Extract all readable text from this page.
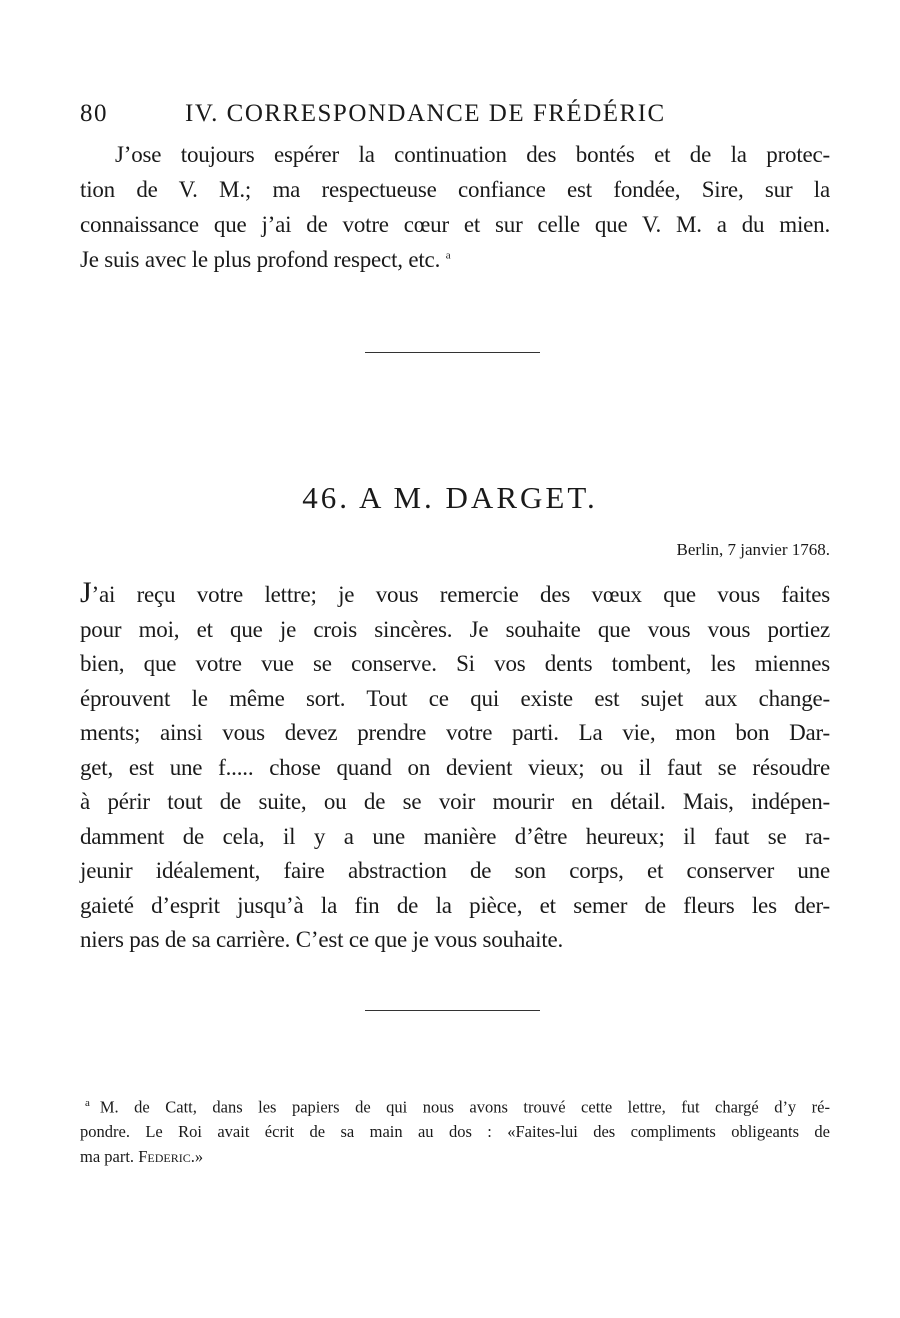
80	IV. CORRESPONDANCE DE FRÉDÉRIC
J’ose toujours espérer la continuation des bontés et de la protec-
tion de V. M.; ma respectueuse confiance est fondée, Sire, sur la
connaissance que j’ai de votre cœur et sur celle que V. M. a du mien.
Je suis avec le plus profond respect, etc. $^a$
46. A M. DARGET.
Berlin, 7 janvier 1768.
J’ai reçu votre lettre; je vous remercie des vœux que vous faites
pour moi, et que je crois sincères. Je souhaite que vous vous portiez
bien, que votre vue se conserve. Si vos dents tombent, les miennes
éprouvent le même sort. Tout ce qui existe est sujet aux change-
ments; ainsi vous devez prendre votre parti. La vie, mon bon Dar-
get, est une f..... chose quand on devient vieux; ou il faut se résoudre
à périr tout de suite, ou de se voir mourir en détail. Mais, indépen-
damment de cela, il y a une manière d’être heureux; il faut se ra-
jeunir idéalement, faire abstraction de son corps, et conserver une
gaieté d’esprit jusqu’à la fin de la pièce, et semer de fleurs les der-
niers pas de sa carrière. C’est ce que je vous souhaite.
$^a$ M. de Catt, dans les papiers de qui nous avons trouvé cette lettre, fut chargé d’y ré-
pondre. Le Roi avait écrit de sa main au dos : «Faites-lui des compliments obligeants de
ma part. Federic.»
